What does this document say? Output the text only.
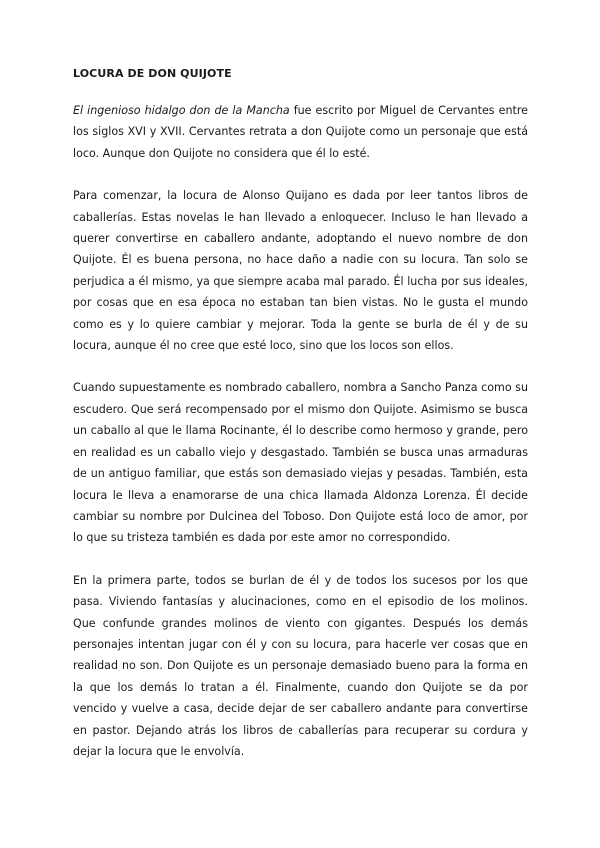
LOCURA DE DON QUIJOTE

El ingenioso hidalgo don de la Mancha fue escrito por Miguel de Cervantes entre los siglos XVI y XVII. Cervantes retrata a don Quijote como un personaje que está loco. Aunque don Quijote no considera que él lo esté.

Para comenzar, la locura de Alonso Quijano es dada por leer tantos libros de caballerías. Estas novelas le han llevado a enloquecer. Incluso le han llevado a querer convertirse en caballero andante, adoptando el nuevo nombre de don Quijote. Él es buena persona, no hace daño a nadie con su locura. Tan solo se perjudica a él mismo, ya que siempre acaba mal parado. Él lucha por sus ideales, por cosas que en esa época no estaban tan bien vistas. No le gusta el mundo como es y lo quiere cambiar y mejorar. Toda la gente se burla de él y de su locura, aunque él no cree que esté loco, sino que los locos son ellos.

Cuando supuestamente es nombrado caballero, nombra a Sancho Panza como su escudero. Que será recompensado por el mismo don Quijote. Asimismo se busca un caballo al que le llama Rocinante, él lo describe como hermoso y grande, pero en realidad es un caballo viejo y desgastado. También se busca unas armaduras de un antiguo familiar, que estás son demasiado viejas y pesadas. También, esta locura le lleva a enamorarse de una chica llamada Aldonza Lorenza. Él decide cambiar su nombre por Dulcinea del Toboso. Don Quijote está loco de amor, por lo que su tristeza también es dada por este amor no correspondido.

En la primera parte, todos se burlan de él y de todos los sucesos por los que pasa. Viviendo fantasías y alucinaciones, como en el episodio de los molinos. Que confunde grandes molinos de viento con gigantes. Después los demás personajes intentan jugar con él y con su locura, para hacerle ver cosas que en realidad no son. Don Quijote es un personaje demasiado bueno para la forma en la que los demás lo tratan a él. Finalmente, cuando don Quijote se da por vencido y vuelve a casa, decide dejar de ser caballero andante para convertirse en pastor. Dejando atrás los libros de caballerías para recuperar su cordura y dejar la locura que le envolvía.
